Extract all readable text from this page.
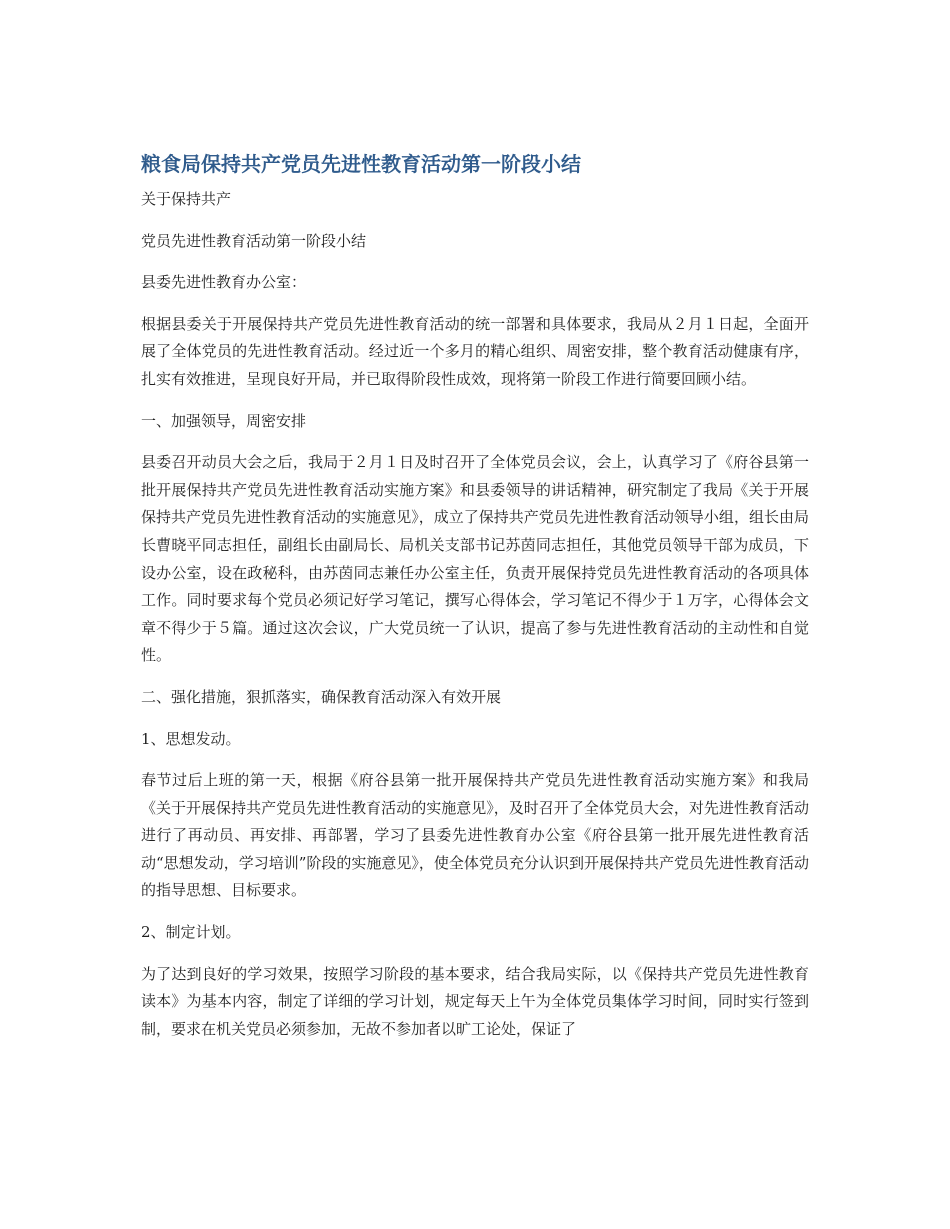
粮食局保持共产党员先进性教育活动第一阶段小结

关于保持共产

党员先进性教育活动第一阶段小结

县委先进性教育办公室：

根据县委关于开展保持共产党员先进性教育活动的统一部署和具体要求，我局从２月１日起，全面开展了全体党员的先进性教育活动。经过近一个多月的精心组织、周密安排，整个教育活动健康有序，扎实有效推进，呈现良好开局，并已取得阶段性成效，现将第一阶段工作进行简要回顾小结。

一、加强领导，周密安排

县委召开动员大会之后，我局于２月１日及时召开了全体党员会议，会上，认真学习了《府谷县第一批开展保持共产党员先进性教育活动实施方案》和县委领导的讲话精神，研究制定了我局《关于开展保持共产党员先进性教育活动的实施意见》，成立了保持共产党员先进性教育活动领导小组，组长由局长曹晓平同志担任，副组长由副局长、局机关支部书记苏茵同志担任，其他党员领导干部为成员，下设办公室，设在政秘科，由苏茵同志兼任办公室主任，负责开展保持党员先进性教育活动的各项具体工作。同时要求每个党员必须记好学习笔记，撰写心得体会，学习笔记不得少于１万字，心得体会文章不得少于５篇。通过这次会议，广大党员统一了认识，提高了参与先进性教育活动的主动性和自觉性。

二、强化措施，狠抓落实，确保教育活动深入有效开展

1、思想发动。

春节过后上班的第一天，根据《府谷县第一批开展保持共产党员先进性教育活动实施方案》和我局《关于开展保持共产党员先进性教育活动的实施意见》，及时召开了全体党员大会，对先进性教育活动进行了再动员、再安排、再部署，学习了县委先进性教育办公室《府谷县第一批开展先进性教育活动“思想发动，学习培训”阶段的实施意见》，使全体党员充分认识到开展保持共产党员先进性教育活动的指导思想、目标要求。

2、制定计划。

为了达到良好的学习效果，按照学习阶段的基本要求，结合我局实际，以《保持共产党员先进性教育读本》为基本内容，制定了详细的学习计划，规定每天上午为全体党员集体学习时间，同时实行签到制，要求在机关党员必须参加，无故不参加者以旷工论处，保证了
